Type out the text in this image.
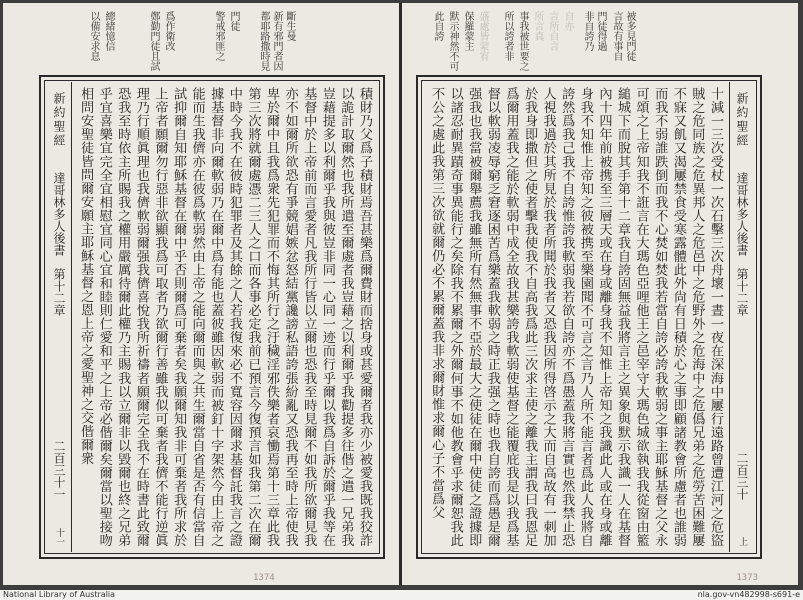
以備安求息 總緒憶信	鄭勤門徒且試 爲作衛改	警戒邪匪之 門徒 都耶路撒時見 新有邪門者因 斷生曼
新約聖經
達哥林多人後書　第十二章
二百三十一
十一	積財乃父爲子積財焉吾甚樂爲爾費財而捨身或甚愛爾者我亦少被愛我既我狡詐以詭計取爾然也我所遣至爾處者我豈藉之以利爾乎我勸提多往偕之遣一兄弟我豈藉提多以利爾乎我與彼豈非同一心同一迹而行乎爾以我爲自訴於爾乎我等在基督中於上帝前而言愛者凡我所行皆以立爾也恐我至時見爾不如我所欲爾見我亦不如爾所欲恐有爭競娼嫉忿怒結黨讒謗私語誇張紛亂又恐我再至時上帝使我卑於爾中且我爲衆先犯罪而不悔其所行之汙穢淫邪佚樂者哀慟焉第十三章此我第三次將就爾處憑二三人之口而各事必定我前已預言今復預言如我第二次在爾中時今我不在彼時犯罪者及其餘之人若我復來必不寬容因爾求基督託我言之證據基督非向爾軟弱乃在爾中爲有能也蓋彼雖因軟弱而被釘十字架然今由上帝之能而生我儕亦在彼爲軟弱然由上帝之能向爾而與之共生爾當自省是否有信當自試抑爾自知耶穌基督在爾中乎否則爾爲可棄者矣我願爾知我非可棄者我所求於上帝者願爾勿行惡非欲顯我爲可取者乃欲爾行善雖我似可棄者我儕不能行逆眞理乃行順眞理也我儕軟弱爾强我儕喜悅我所祈禱者願爾完全我不在時書此致爾恐我至時依主所賜我之權用嚴厲待爾此權乃主賜我以立爾非以毀爾也終之兄弟乎宜喜樂宜完全宜相慰宜同心宜和睦則仁愛和平之上帝必偕爾矣爾當以聖接吻相問安聖徒皆問爾安願主耶穌基督之恩上帝之愛聖神之交偕爾衆
1374
此自誇 默示神然不可 保羅蒙主 盛處皆蒙宥 所以誇者非 事我被世要之 所言真 言所自言 自亦 非自誇乃 門徒得過 言故有事自 被多見門徒
十減一三次受杖一次石擊三次舟壞一晝一夜在深海中屢行遠路曾遭江河之危盜賊之危同族之危異邦人之危邑中之危野外之危海中之危僞兄弟之危勞苦困難屢不寐又飢又渴屢禁食受寒露體此外尙有日積於心之事即顧諸教會所慮者也誰弱而我不弱誰跌倒而我不心焚如焚我若當自誇必誇我軟弱之事主耶穌基督之父永可頌之上帝知我不誑言在大瑪色亞哩他王之邑宰守大瑪色城欲執我我從窗由籃縋城下而脫其手第十二章我自誇固無益我將言主之異象與默示我識一人在基督內十四年前被携至三層天或在身或離身我不知惟上帝知之我識此人或在身或離身我不知惟上帝知之彼被携至樂園聞不可言之言乃人所不能言者爲此人我將自誇然爲我己我不自誇惟誇我軟弱我若欲自誇亦不爲愚蓋我將言實也然我禁止恐人視我過於其所見於我者所聞於我者又恐我因所得啓示之大而自高故有一刺加於我身即撒但之使者擊我使我不自高我爲此三次求主使之離我主謂我曰我恩足爲爾用蓋我之能於軟弱中成全故我甚樂誇我軟弱使基督之能覆庇我是以我爲基督以軟弱凌辱窮乏窘逐困苦爲樂蓋我軟弱之時正我强之時也我自誇而爲愚是爾强我也我當被爾舉薦我雖無所有然無事不亞於最大之使徒在爾中使徒之證據即以諸忍耐異蹟奇事異能行之矣除我不累爾之外爾何事不如他教會乎求爾恕我此不公之處此我第三次欲就爾仍必不累爾蓋我非求爾財惟求爾心子不當爲父	新約聖經
達哥林多人後書　第十二章
二百三十
上
1373
National Library of Australia	nla.gov-vn482998-s691-e
